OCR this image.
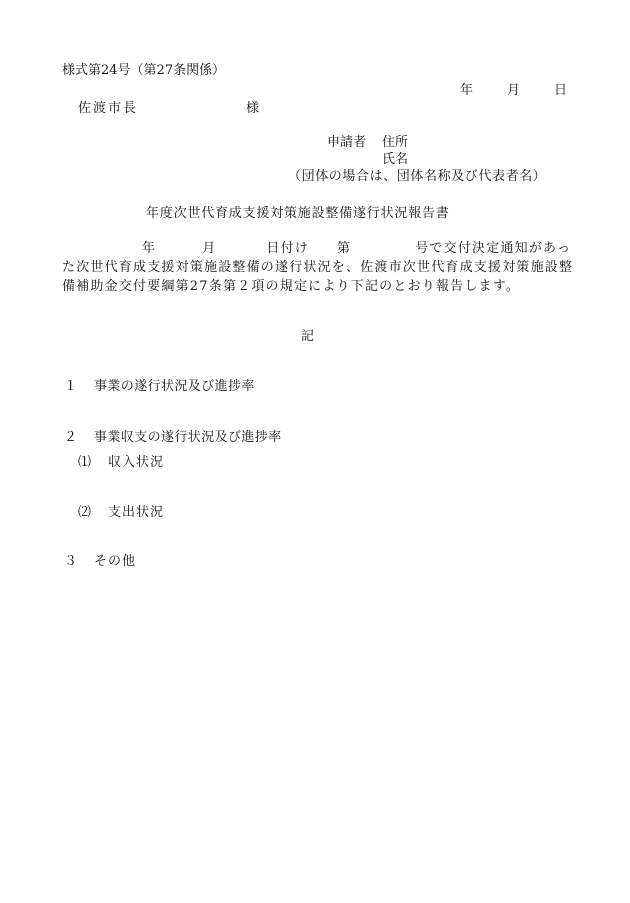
様式第24号（第27条関係）
年	月	日
佐渡市長	様
申請者 住所
氏名
（団体の場合は、団体名称及び代表者名）
年度次世代育成支援対策施設整備遂行状況報告書
年	月	日付け 第	号で交付決定通知があった次世代育成支援対策施設整備の遂行状況を、佐渡市次世代育成支援対策施設整備補助金交付要綱第27条第２項の規定により下記のとおり報告します。
記
１ 事業の遂行状況及び進捗率
２ 事業収支の遂行状況及び進捗率
⑴ 収入状況
⑵ 支出状況
３ その他
